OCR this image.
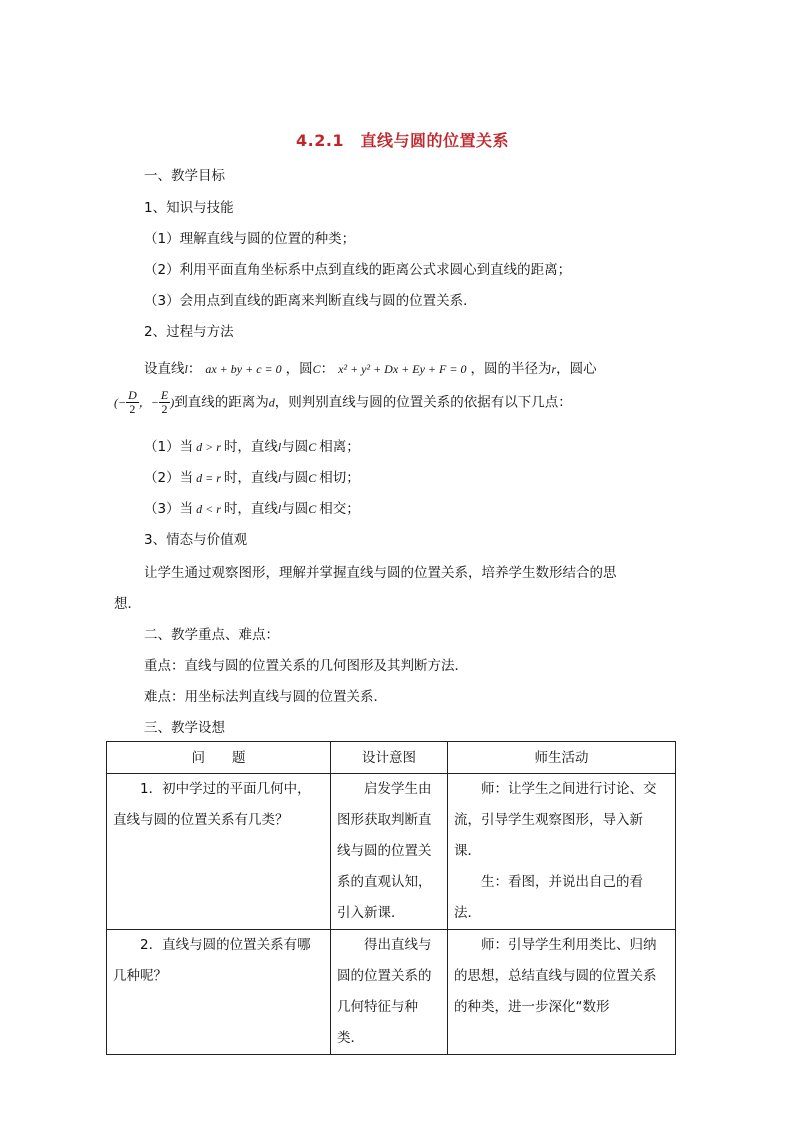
4.2.1　直线与圆的位置关系
一、教学目标
1、知识与技能
（1）理解直线与圆的位置的种类；
（2）利用平面直角坐标系中点到直线的距离公式求圆心到直线的距离；
（3）会用点到直线的距离来判断直线与圆的位置关系．
2、过程与方法
设直线l： ax + by + c = 0 ，圆C： x² + y² + Dx + Ey + F = 0 ，圆的半径为r，圆心
(− $\frac{D}{2}$ ，− $\frac{E}{2}$ )到直线的距离为d，则判别直线与圆的位置关系的依据有以下几点：
（1）当 d > r 时，直线l与圆C 相离；
（2）当 d = r 时，直线l与圆C 相切；
（3）当 d < r 时，直线l与圆C 相交；
3、情态与价值观
让学生通过观察图形，理解并掌握直线与圆的位置关系，培养学生数形结合的思
想．
二、教学重点、难点：
重点：直线与圆的位置关系的几何图形及其判断方法．
难点：用坐标法判直线与圆的位置关系．
三、教学设想
问　　题	设计意图	师生活动

1．初中学过的平面几何中，直线与圆的位置关系有几类？	启发学生由图形获取判断直线与圆的位置关系的直观认知，引入新课．	师：让学生之间进行讨论、交流，引导学生观察图形，导入新课．

生：看图，并说出自己的看法．

2．直线与圆的位置关系有哪几种呢？	得出直线与圆的位置关系的几何特征与种类．	师：引导学生利用类比、归纳的思想，总结直线与圆的位置关系的种类，进一步深化“数形
